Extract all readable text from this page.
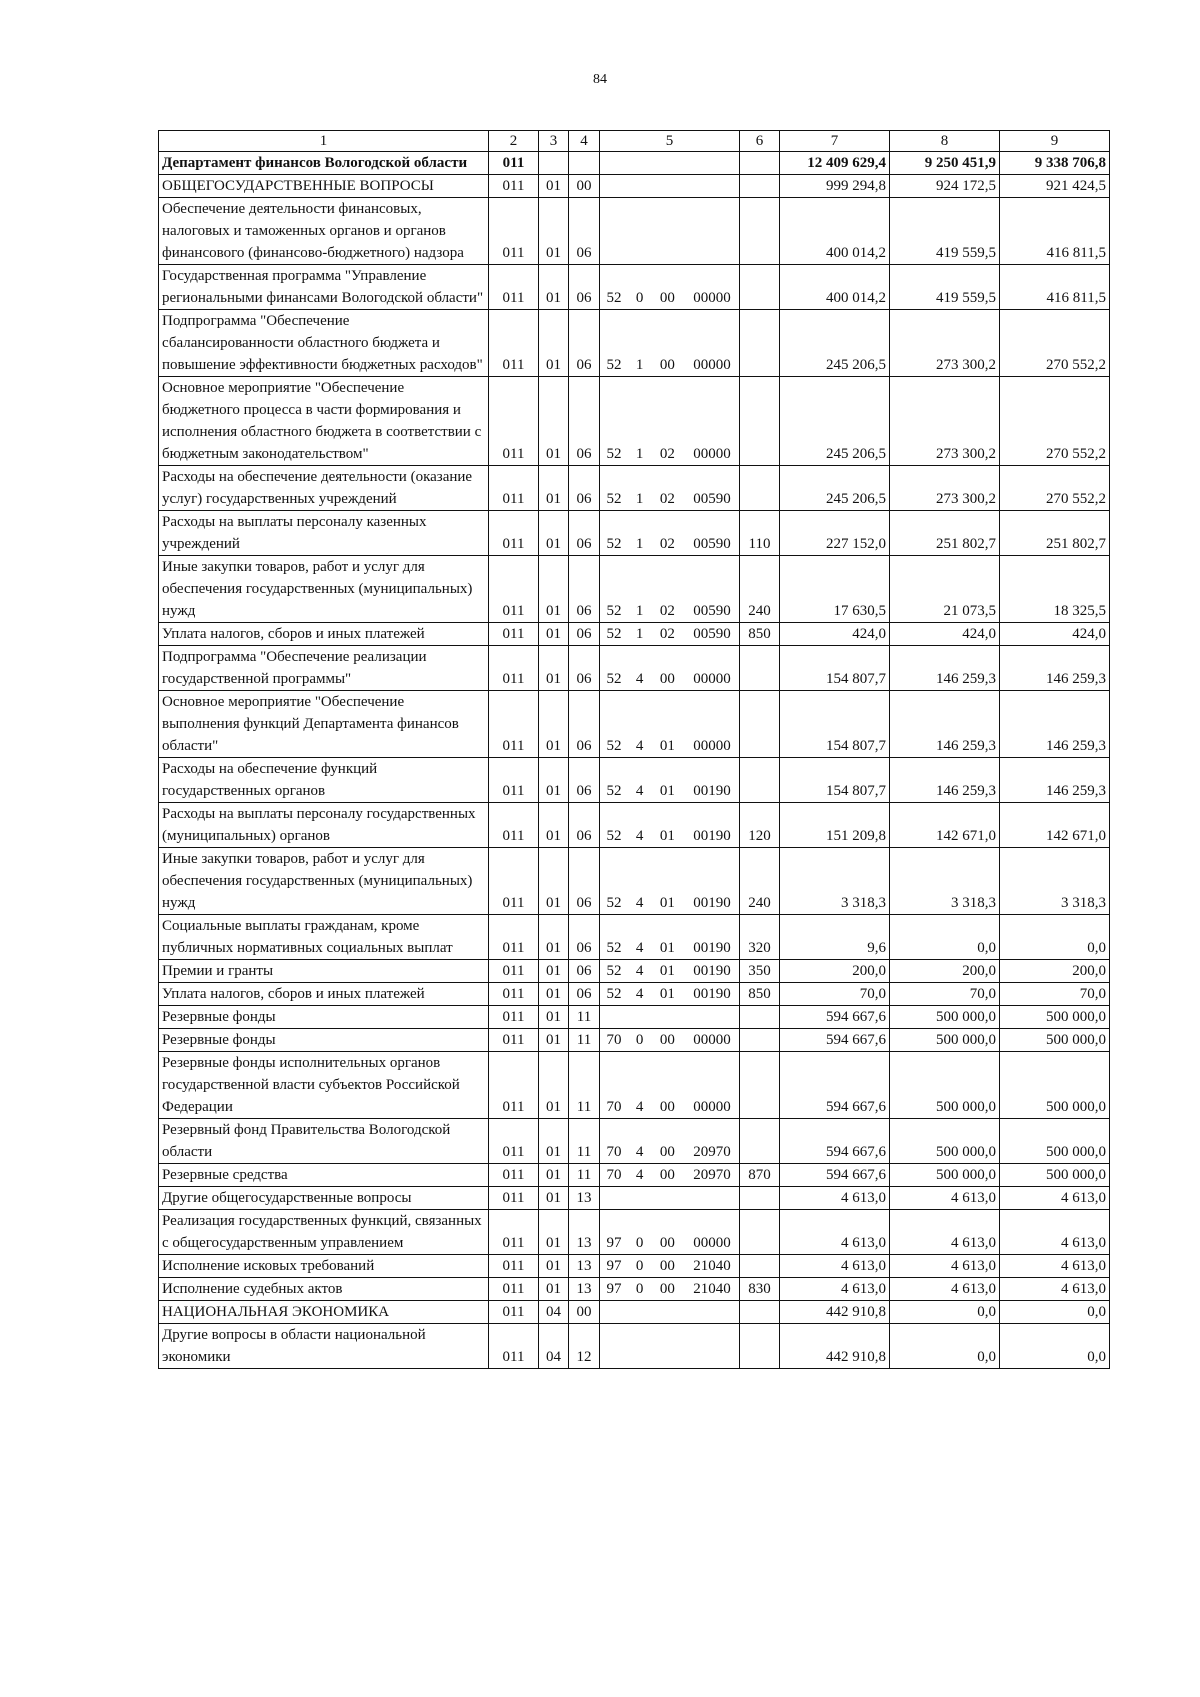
84
1	2	3	4	5	6	7	8	9
Департамент финансов Вологодской области	011					12 409 629,4	9 250 451,9	9 338 706,8
ОБЩЕГОСУДАРСТВЕННЫЕ ВОПРОСЫ	011	01	00			999 294,8	924 172,5	921 424,5
Обеспечение деятельности финансовых, налоговых и таможенных органов и органов финансового (финансово-бюджетного) надзора	011	01	06			400 014,2	419 559,5	416 811,5
Государственная программа "Управление региональными финансами Вологодской области"	011	01	06	52 0 00 00000		400 014,2	419 559,5	416 811,5
Подпрограмма "Обеспечение сбалансированности областного бюджета и повышение эффективности бюджетных расходов"	011	01	06	52 1 00 00000		245 206,5	273 300,2	270 552,2
Основное мероприятие "Обеспечение бюджетного процесса в части формирования и исполнения областного бюджета в соответствии с бюджетным законодательством"	011	01	06	52 1 02 00000		245 206,5	273 300,2	270 552,2
Расходы на обеспечение деятельности (оказание услуг) государственных учреждений	011	01	06	52 1 02 00590		245 206,5	273 300,2	270 552,2
Расходы на выплаты персоналу казенных учреждений	011	01	06	52 1 02 00590	110	227 152,0	251 802,7	251 802,7
Иные закупки товаров, работ и услуг для обеспечения государственных (муниципальных) нужд	011	01	06	52 1 02 00590	240	17 630,5	21 073,5	18 325,5
Уплата налогов, сборов и иных платежей	011	01	06	52 1 02 00590	850	424,0	424,0	424,0
Подпрограмма "Обеспечение реализации государственной программы"	011	01	06	52 4 00 00000		154 807,7	146 259,3	146 259,3
Основное мероприятие "Обеспечение выполнения функций Департамента финансов области"	011	01	06	52 4 01 00000		154 807,7	146 259,3	146 259,3
Расходы на обеспечение функций государственных органов	011	01	06	52 4 01 00190		154 807,7	146 259,3	146 259,3
Расходы на выплаты персоналу государственных (муниципальных) органов	011	01	06	52 4 01 00190	120	151 209,8	142 671,0	142 671,0
Иные закупки товаров, работ и услуг для обеспечения государственных (муниципальных) нужд	011	01	06	52 4 01 00190	240	3 318,3	3 318,3	3 318,3
Социальные выплаты гражданам, кроме публичных нормативных социальных выплат	011	01	06	52 4 01 00190	320	9,6	0,0	0,0
Премии и гранты	011	01	06	52 4 01 00190	350	200,0	200,0	200,0
Уплата налогов, сборов и иных платежей	011	01	06	52 4 01 00190	850	70,0	70,0	70,0
Резервные фонды	011	01	11			594 667,6	500 000,0	500 000,0
Резервные фонды	011	01	11	70 0 00 00000		594 667,6	500 000,0	500 000,0
Резервные фонды исполнительных органов государственной власти субъектов Российской Федерации	011	01	11	70 4 00 00000		594 667,6	500 000,0	500 000,0
Резервный фонд Правительства Вологодской области	011	01	11	70 4 00 20970		594 667,6	500 000,0	500 000,0
Резервные средства	011	01	11	70 4 00 20970	870	594 667,6	500 000,0	500 000,0
Другие общегосударственные вопросы	011	01	13			4 613,0	4 613,0	4 613,0
Реализация государственных функций, связанных с общегосударственным управлением	011	01	13	97 0 00 00000		4 613,0	4 613,0	4 613,0
Исполнение исковых требований	011	01	13	97 0 00 21040		4 613,0	4 613,0	4 613,0
Исполнение судебных актов	011	01	13	97 0 00 21040	830	4 613,0	4 613,0	4 613,0
НАЦИОНАЛЬНАЯ ЭКОНОМИКА	011	04	00			442 910,8	0,0	0,0
Другие вопросы в области национальной экономики	011	04	12			442 910,8	0,0	0,0
